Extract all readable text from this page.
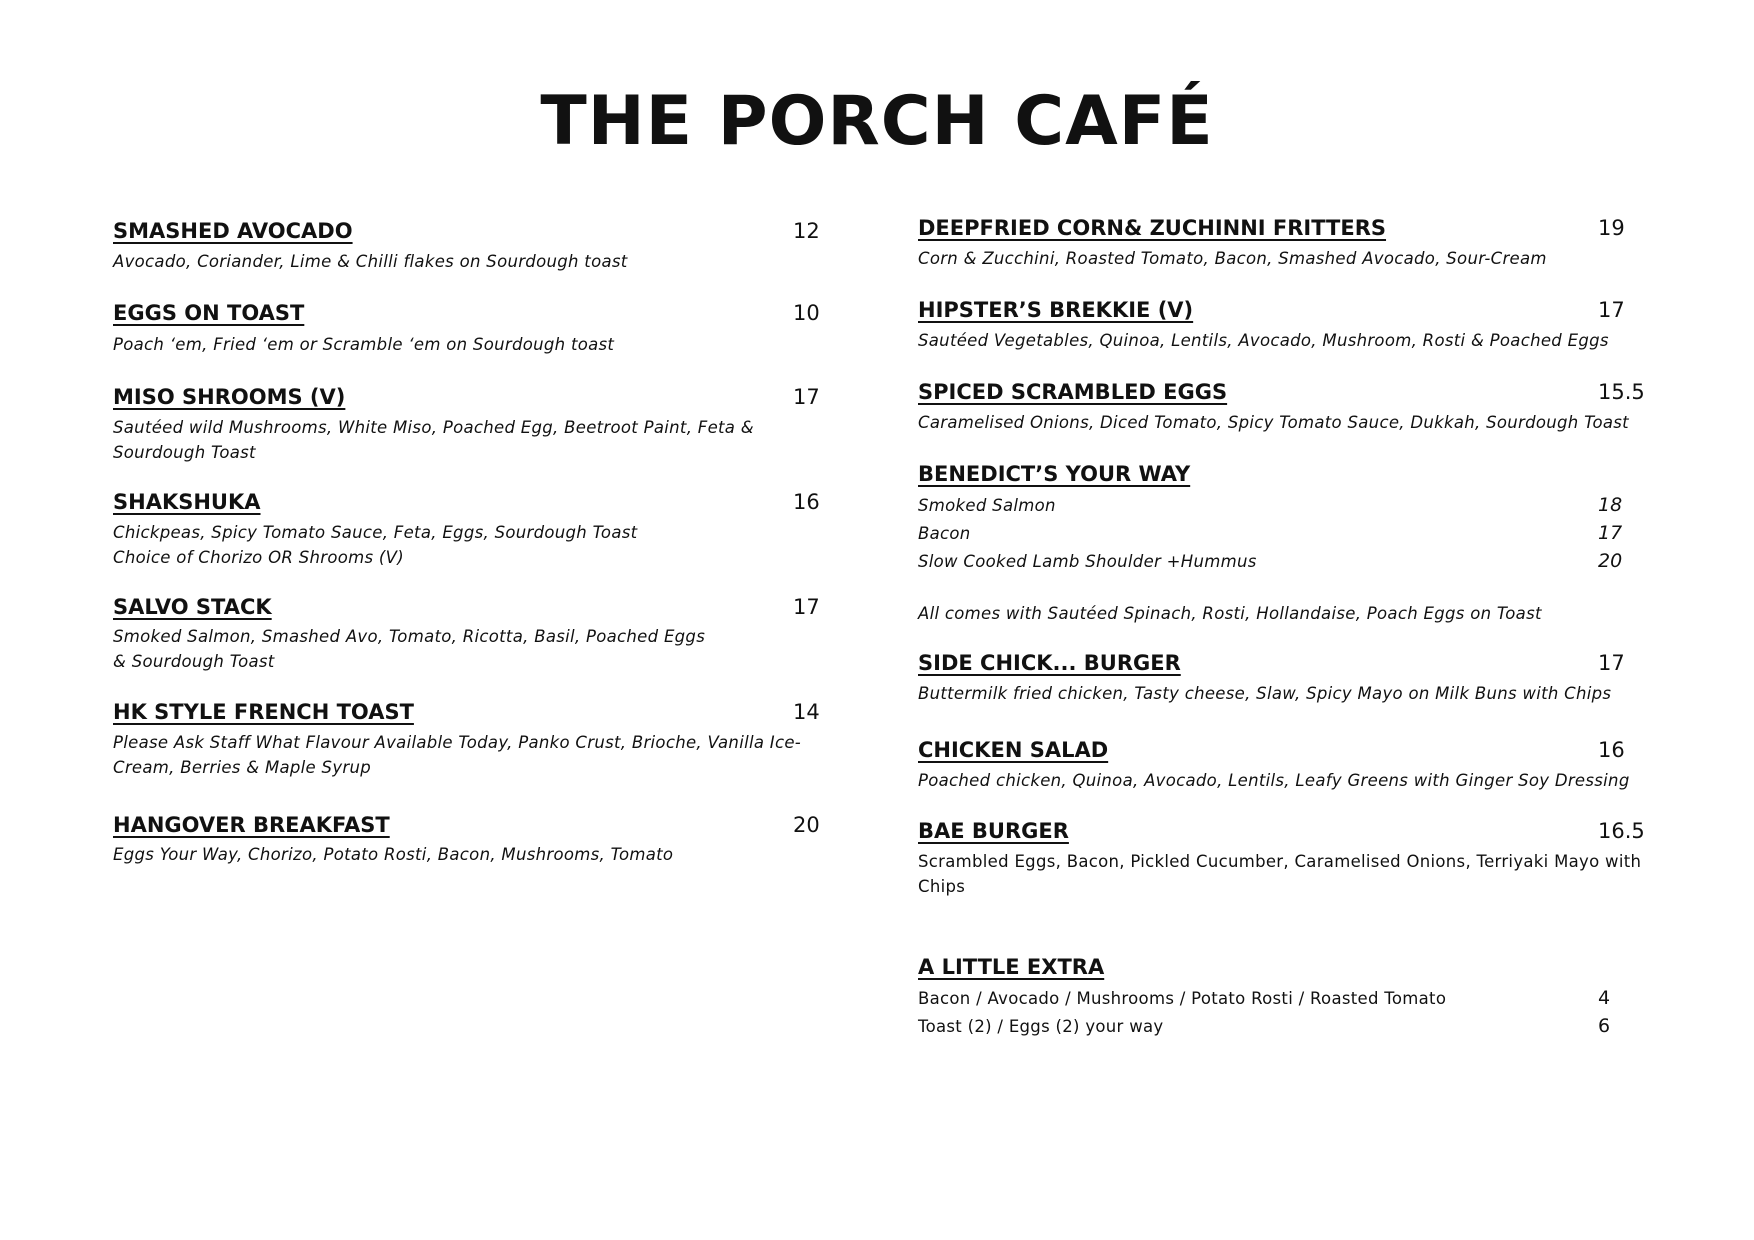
THE PORCH CAFÉ
SMASHED AVOCADO	12
Avocado, Coriander, Lime & Chilli flakes on Sourdough toast
EGGS ON TOAST	10
Poach ‘em, Fried ‘em or Scramble ‘em on Sourdough toast
MISO SHROOMS (V)	17
Sautéed wild Mushrooms, White Miso, Poached Egg, Beetroot Paint, Feta &
Sourdough Toast
SHAKSHUKA	16
Chickpeas, Spicy Tomato Sauce, Feta, Eggs, Sourdough Toast
Choice of Chorizo OR Shrooms (V)
SALVO STACK	17
Smoked Salmon, Smashed Avo, Tomato, Ricotta, Basil, Poached Eggs
& Sourdough Toast
HK STYLE FRENCH TOAST	14
Please Ask Staff What Flavour Available Today, Panko Crust, Brioche, Vanilla Ice-
Cream, Berries & Maple Syrup
HANGOVER BREAKFAST	20
Eggs Your Way, Chorizo, Potato Rosti, Bacon, Mushrooms, Tomato
DEEPFRIED CORN& ZUCHINNI FRITTERS	19
Corn & Zucchini, Roasted Tomato, Bacon, Smashed Avocado, Sour-Cream
HIPSTER’S BREKKIE (V)	17
Sautéed Vegetables, Quinoa, Lentils, Avocado, Mushroom, Rosti & Poached Eggs
SPICED SCRAMBLED EGGS	15.5
Caramelised Onions, Diced Tomato, Spicy Tomato Sauce, Dukkah, Sourdough Toast
BENEDICT’S YOUR WAY
Smoked Salmon	18
Bacon	17
Slow Cooked Lamb Shoulder +Hummus	20
All comes with Sautéed Spinach, Rosti, Hollandaise, Poach Eggs on Toast
SIDE CHICK... BURGER	17
Buttermilk fried chicken, Tasty cheese, Slaw, Spicy Mayo on Milk Buns with Chips
CHICKEN SALAD	16
Poached chicken, Quinoa, Avocado, Lentils, Leafy Greens with Ginger Soy Dressing
BAE BURGER	16.5
Scrambled Eggs, Bacon, Pickled Cucumber, Caramelised Onions, Terriyaki Mayo with
Chips
A LITTLE EXTRA
Bacon / Avocado / Mushrooms / Potato Rosti / Roasted Tomato	4
Toast (2) / Eggs (2) your way	6
